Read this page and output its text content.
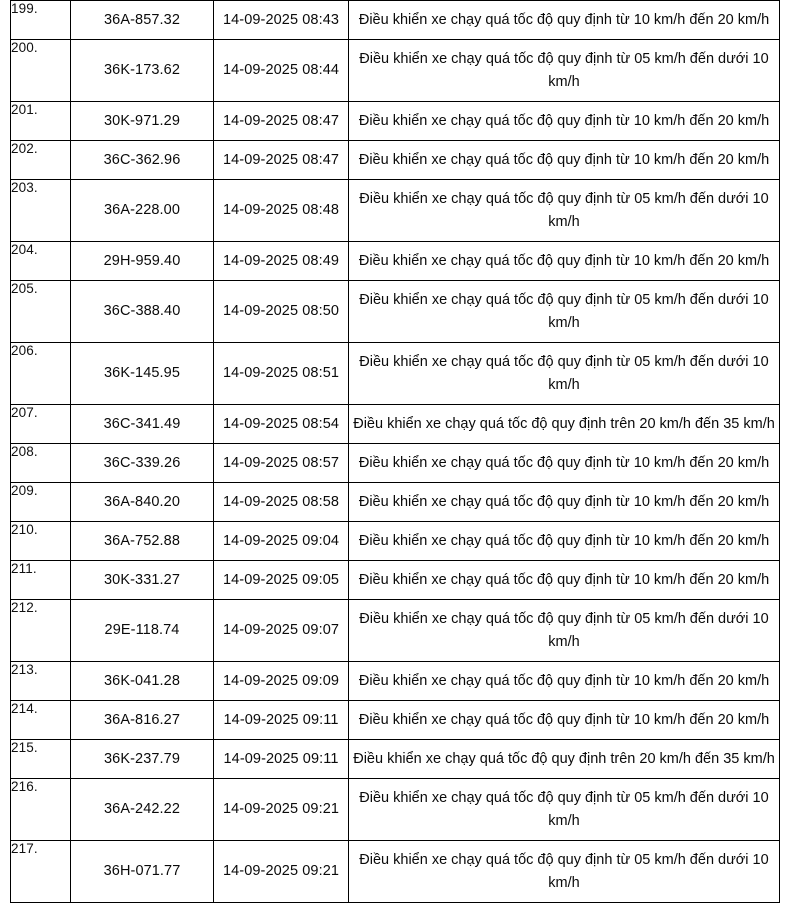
199.	36A-857.32	14-09-2025 08:43	Điều khiển xe chạy quá tốc độ quy định từ 10 km/h đến 20 km/h
200.	36K-173.62	14-09-2025 08:44	Điều khiển xe chạy quá tốc độ quy định từ 05 km/h đến dưới 10 km/h
201.	30K-971.29	14-09-2025 08:47	Điều khiển xe chạy quá tốc độ quy định từ 10 km/h đến 20 km/h
202.	36C-362.96	14-09-2025 08:47	Điều khiển xe chạy quá tốc độ quy định từ 10 km/h đến 20 km/h
203.	36A-228.00	14-09-2025 08:48	Điều khiển xe chạy quá tốc độ quy định từ 05 km/h đến dưới 10 km/h
204.	29H-959.40	14-09-2025 08:49	Điều khiển xe chạy quá tốc độ quy định từ 10 km/h đến 20 km/h
205.	36C-388.40	14-09-2025 08:50	Điều khiển xe chạy quá tốc độ quy định từ 05 km/h đến dưới 10 km/h
206.	36K-145.95	14-09-2025 08:51	Điều khiển xe chạy quá tốc độ quy định từ 05 km/h đến dưới 10 km/h
207.	36C-341.49	14-09-2025 08:54	Điều khiển xe chạy quá tốc độ quy định trên 20 km/h đến 35 km/h
208.	36C-339.26	14-09-2025 08:57	Điều khiển xe chạy quá tốc độ quy định từ 10 km/h đến 20 km/h
209.	36A-840.20	14-09-2025 08:58	Điều khiển xe chạy quá tốc độ quy định từ 10 km/h đến 20 km/h
210.	36A-752.88	14-09-2025 09:04	Điều khiển xe chạy quá tốc độ quy định từ 10 km/h đến 20 km/h
211.	30K-331.27	14-09-2025 09:05	Điều khiển xe chạy quá tốc độ quy định từ 10 km/h đến 20 km/h
212.	29E-118.74	14-09-2025 09:07	Điều khiển xe chạy quá tốc độ quy định từ 05 km/h đến dưới 10 km/h
213.	36K-041.28	14-09-2025 09:09	Điều khiển xe chạy quá tốc độ quy định từ 10 km/h đến 20 km/h
214.	36A-816.27	14-09-2025 09:11	Điều khiển xe chạy quá tốc độ quy định từ 10 km/h đến 20 km/h
215.	36K-237.79	14-09-2025 09:11	Điều khiển xe chạy quá tốc độ quy định trên 20 km/h đến 35 km/h
216.	36A-242.22	14-09-2025 09:21	Điều khiển xe chạy quá tốc độ quy định từ 05 km/h đến dưới 10 km/h
217.	36H-071.77	14-09-2025 09:21	Điều khiển xe chạy quá tốc độ quy định từ 05 km/h đến dưới 10 km/h
